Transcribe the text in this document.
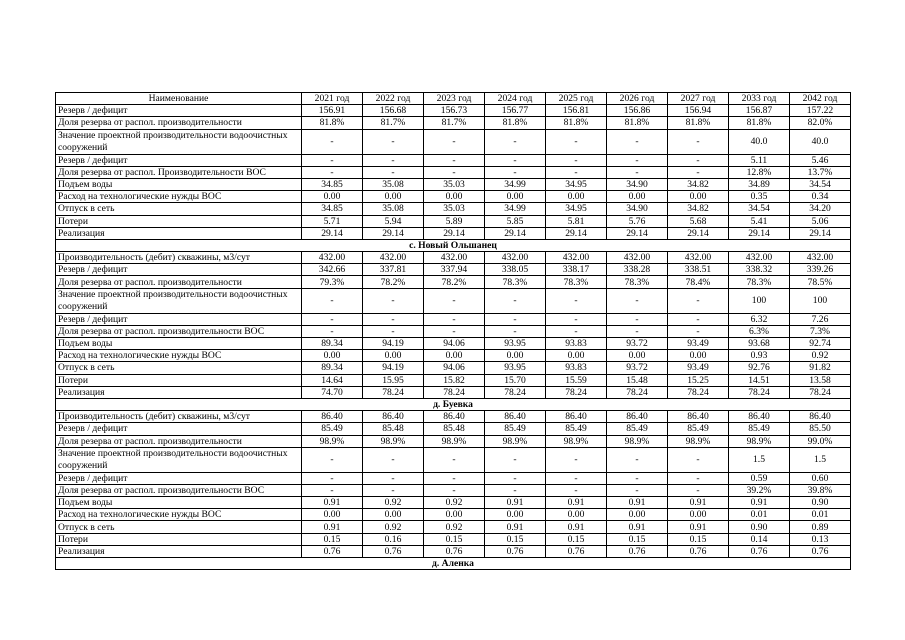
Наименование	2021 год	2022 год	2023 год	2024 год	2025 год	2026 год	2027 год	2033 год	2042 год
Резерв / дефицит	156.91	156.68	156.73	156.77	156.81	156.86	156.94	156.87	157.22
Доля резерва от распол. производительности	81.8%	81.7%	81.7%	81.8%	81.8%	81.8%	81.8%	81.8%	82.0%
Значение проектной производительности водоочистных сооружений	-	-	-	-	-	-	-	40.0	40.0
Резерв / дефицит	-	-	-	-	-	-	-	5.11	5.46
Доля резерва от распол. Производительности ВОС	-	-	-	-	-	-	-	12.8%	13.7%
Подъем воды	34.85	35.08	35.03	34.99	34.95	34.90	34.82	34.89	34.54
Расход на технологические нужды ВОС	0.00	0.00	0.00	0.00	0.00	0.00	0.00	0.35	0.34
Отпуск в сеть	34.85	35.08	35.03	34.99	34.95	34.90	34.82	34.54	34.20
Потери	5.71	5.94	5.89	5.85	5.81	5.76	5.68	5.41	5.06
Реализация	29.14	29.14	29.14	29.14	29.14	29.14	29.14	29.14	29.14
с. Новый Ольшанец									
Производительность (дебит) скважины, м3/сут	432.00	432.00	432.00	432.00	432.00	432.00	432.00	432.00	432.00
Резерв / дефицит	342.66	337.81	337.94	338.05	338.17	338.28	338.51	338.32	339.26
Доля резерва от распол. производительности	79.3%	78.2%	78.2%	78.3%	78.3%	78.3%	78.4%	78.3%	78.5%
Значение проектной производительности водоочистных сооружений	-	-	-	-	-	-	-	100	100
Резерв / дефицит	-	-	-	-	-	-	-	6.32	7.26
Доля резерва от распол. производительности ВОС	-	-	-	-	-	-	-	6.3%	7.3%
Подъем воды	89.34	94.19	94.06	93.95	93.83	93.72	93.49	93.68	92.74
Расход на технологические нужды ВОС	0.00	0.00	0.00	0.00	0.00	0.00	0.00	0.93	0.92
Отпуск в сеть	89.34	94.19	94.06	93.95	93.83	93.72	93.49	92.76	91.82
Потери	14.64	15.95	15.82	15.70	15.59	15.48	15.25	14.51	13.58
Реализация	74.70	78.24	78.24	78.24	78.24	78.24	78.24	78.24	78.24
д. Буевка									
Производительность (дебит) скважины, м3/сут	86.40	86.40	86.40	86.40	86.40	86.40	86.40	86.40	86.40
Резерв / дефицит	85.49	85.48	85.48	85.49	85.49	85.49	85.49	85.49	85.50
Доля резерва от распол. производительности	98.9%	98.9%	98.9%	98.9%	98.9%	98.9%	98.9%	98.9%	99.0%
Значение проектной производительности водоочистных сооружений	-	-	-	-	-	-	-	1.5	1.5
Резерв / дефицит	-	-	-	-	-	-	-	0.59	0.60
Доля резерва от распол. производительности ВОС	-	-	-	-	-	-	-	39.2%	39.8%
Подъем воды	0.91	0.92	0.92	0.91	0.91	0.91	0.91	0.91	0.90
Расход на технологические нужды ВОС	0.00	0.00	0.00	0.00	0.00	0.00	0.00	0.01	0.01
Отпуск в сеть	0.91	0.92	0.92	0.91	0.91	0.91	0.91	0.90	0.89
Потери	0.15	0.16	0.15	0.15	0.15	0.15	0.15	0.14	0.13
Реализация	0.76	0.76	0.76	0.76	0.76	0.76	0.76	0.76	0.76
д. Аленка									
